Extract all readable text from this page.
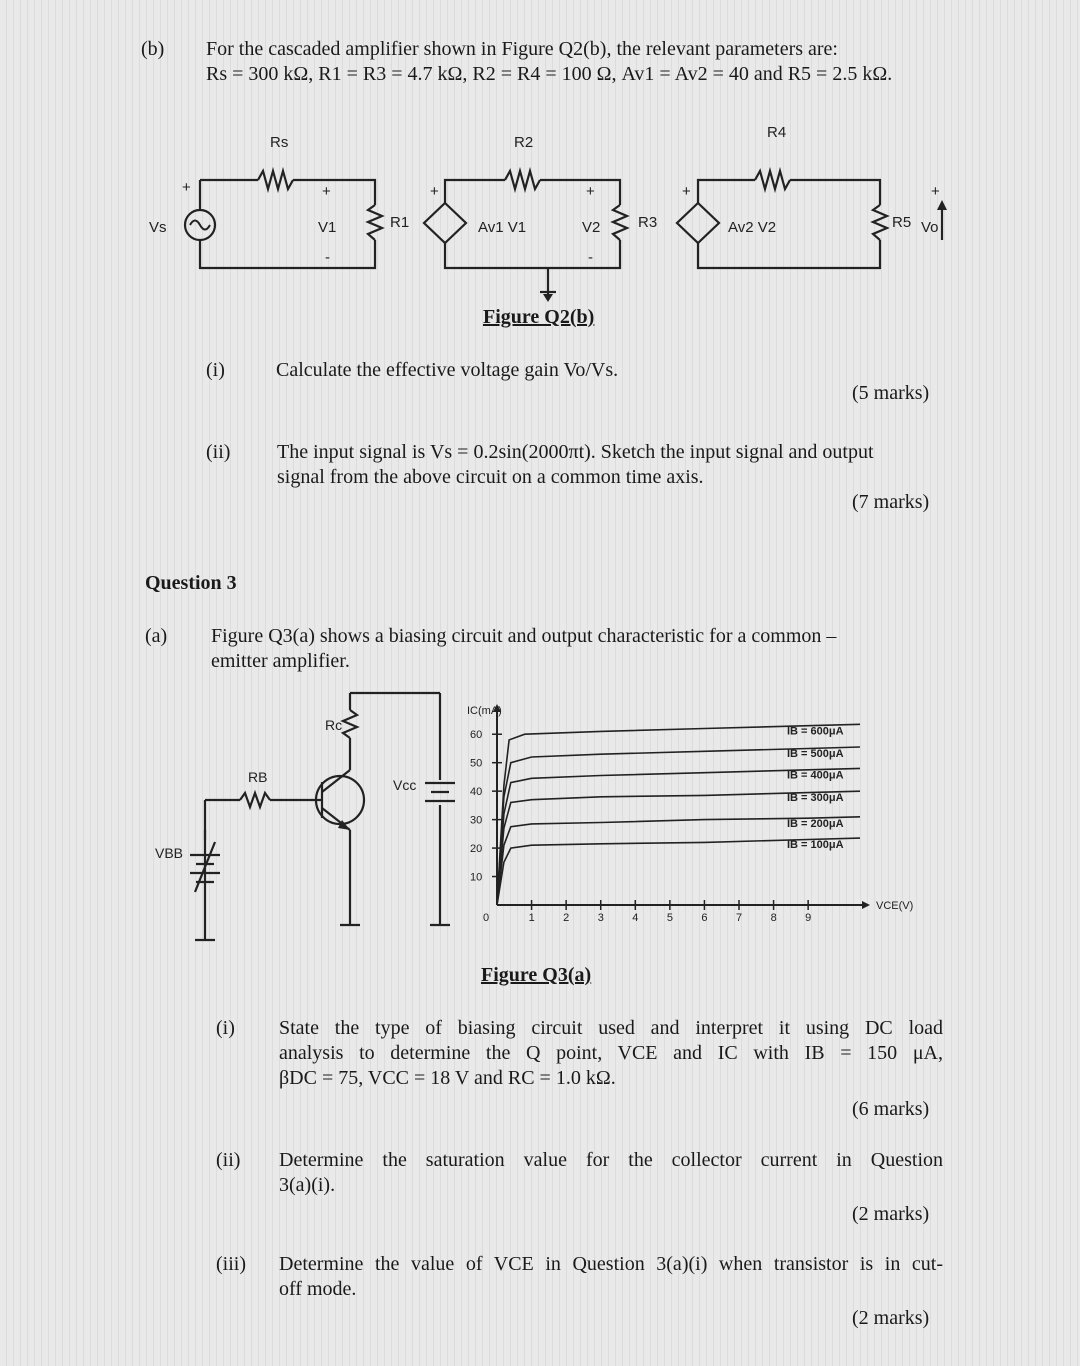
(b) For the cascaded amplifier shown in Figure Q2(b), the relevant parameters are:
Rs = 300 kΩ, R1 = R3 = 4.7 kΩ, R2 = R4 = 100 Ω, Av1 = Av2 = 40 and R5 = 2.5 kΩ.
Vs
+
Rs
+
V1
-
R1
+
Av1 V1
R2
+
V2
-
R3
+
Av2 V2
R4
R5
+
Vo
Figure Q2(b)
(i)	Calculate the effective voltage gain Vo/Vs.
(5 marks)
(ii) The input signal is Vs = 0.2sin(2000πt). Sketch the input signal and output
signal from the above circuit on a common time axis.
(7 marks)
Question 3
(a) Figure Q3(a) shows a biasing circuit and output characteristic for a common –
emitter amplifier.
Rc
RB
VBB
Vcc
0	1	2	3	4	5	6	7	8	9
10
20
30
40
50
60
IC(mA)
VCE(V)
IB = 600μA
IB = 500μA
IB = 400μA
IB = 300μA
IB = 200μA
IB = 100μA
Figure Q3(a)
(i) State the type of biasing circuit used and interpret it using DC load
analysis to determine the Q point, VCE and IC with IB = 150 μA,
βDC = 75, VCC = 18 V and RC = 1.0 kΩ.
(6 marks)
(ii) Determine the saturation value for the collector current in Question
3(a)(i).
(2 marks)
(iii) Determine the value of VCE in Question 3(a)(i) when transistor is in cut-
off mode.
(2 marks)
